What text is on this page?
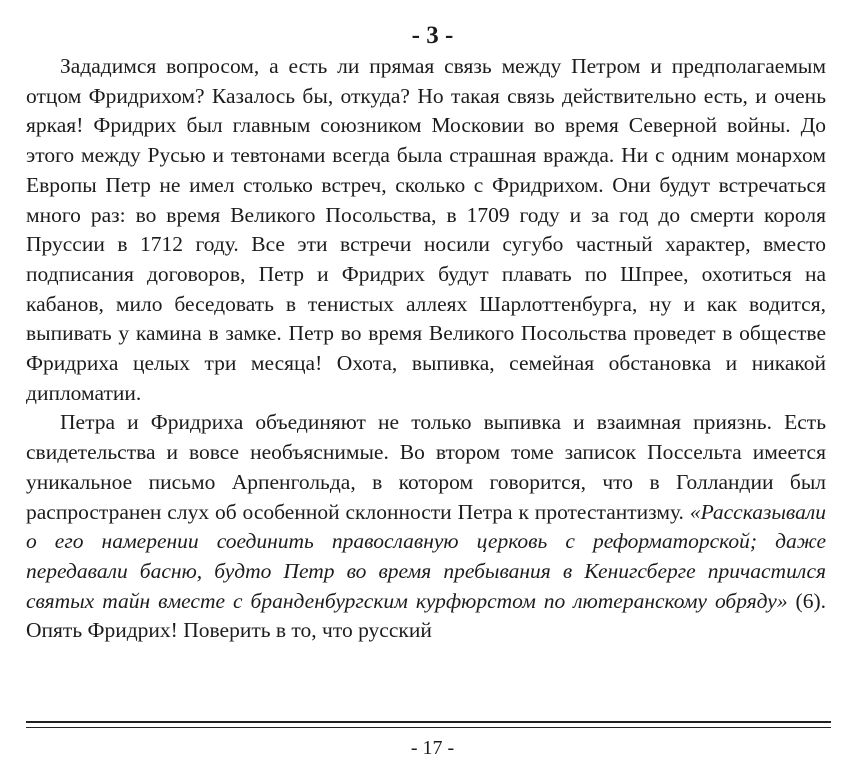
- 3 -

Зададимся вопросом, а есть ли прямая связь между Петром и предполагаемым отцом Фридрихом? Казалось бы, откуда? Но такая связь действительно есть, и очень яркая! Фридрих был главным союзником Московии во время Северной войны. До этого между Русью и тевтонами всегда была страшная вражда. Ни с одним монархом Европы Петр не имел столько встреч, сколько с Фридрихом. Они будут встречаться много раз: во время Великого Посольства, в 1709 году и за год до смерти короля Пруссии в 1712 году. Все эти встречи носили сугубо частный характер, вместо подписания договоров, Петр и Фридрих будут плавать по Шпрее, охотиться на кабанов, мило беседовать в тенистых аллеях Шарлоттенбурга, ну и как водится, выпивать у камина в замке. Петр во время Великого Посольства проведет в обществе Фридриха целых три месяца! Охота, выпивка, семейная обстановка и никакой дипломатии.

Петра и Фридриха объединяют не только выпивка и взаимная приязнь. Есть свидетельства и вовсе необъяснимые. Во втором томе записок Поссельта имеется уникальное письмо Арпенгольда, в котором говорится, что в Голландии был распространен слух об особенной склонности Петра к протестантизму. «Рассказывали о его намерении соединить православную церковь с реформаторской; даже передавали басню, будто Петр во время пребывания в Кенигсберге причастился святых тайн вместе с бранденбургским курфюрстом по лютеранскому обряду» (6). Опять Фридрих! Поверить в то, что русский

- 17 -
